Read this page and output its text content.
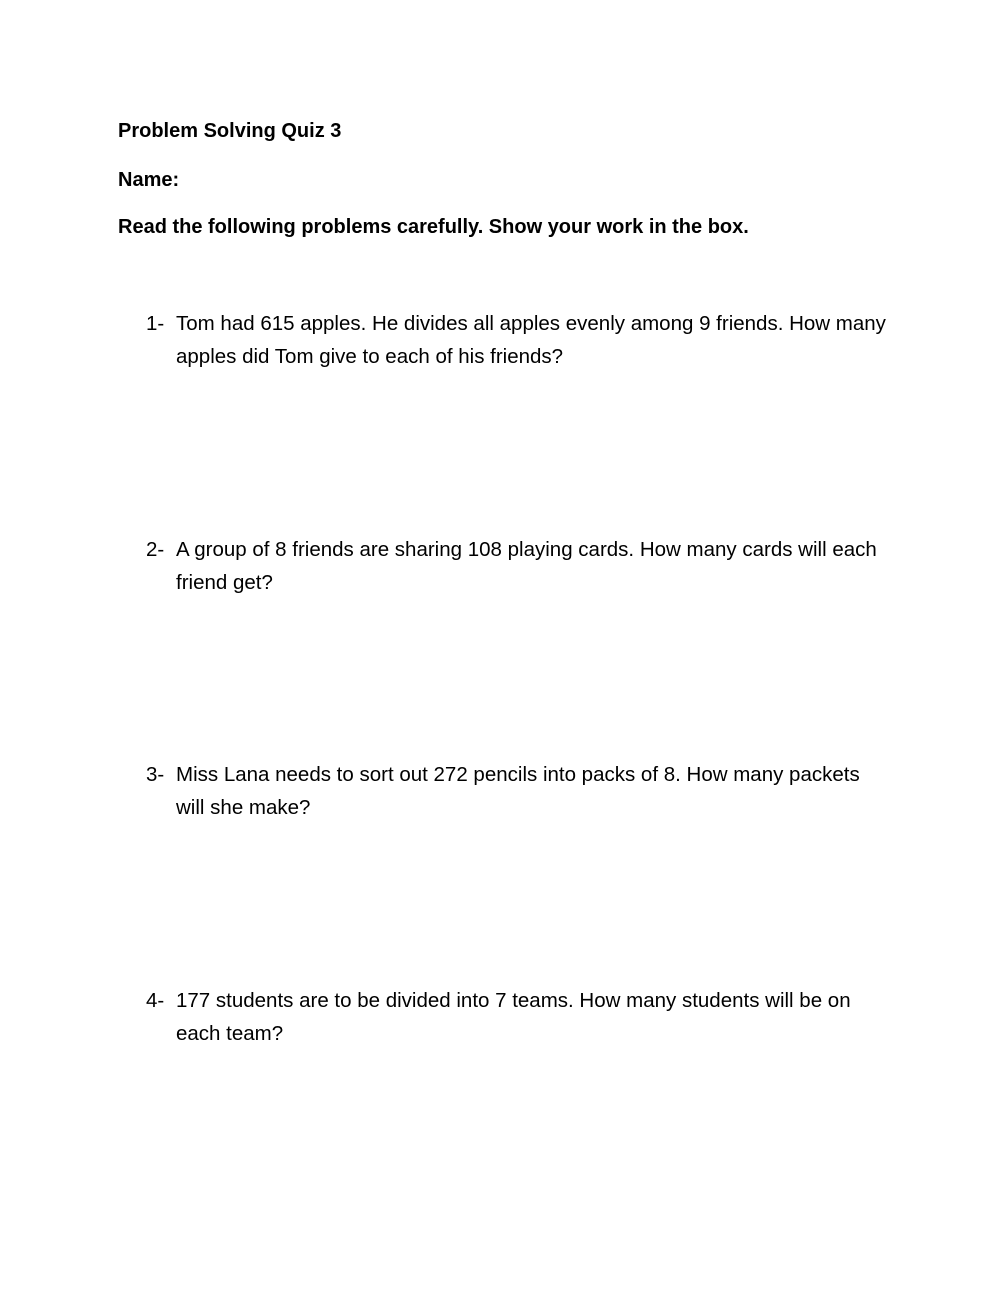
Problem Solving Quiz 3
Name:
Read the following problems carefully. Show your work in the box.
1- Tom had 615 apples. He divides all apples evenly among 9 friends. How many apples did Tom give to each of his friends?
2- A group of 8 friends are sharing 108 playing cards. How many cards will each friend get?
3- Miss Lana needs to sort out 272 pencils into packs of 8. How many packets will she make?
4- 177 students are to be divided into 7 teams. How many students will be on each team?
